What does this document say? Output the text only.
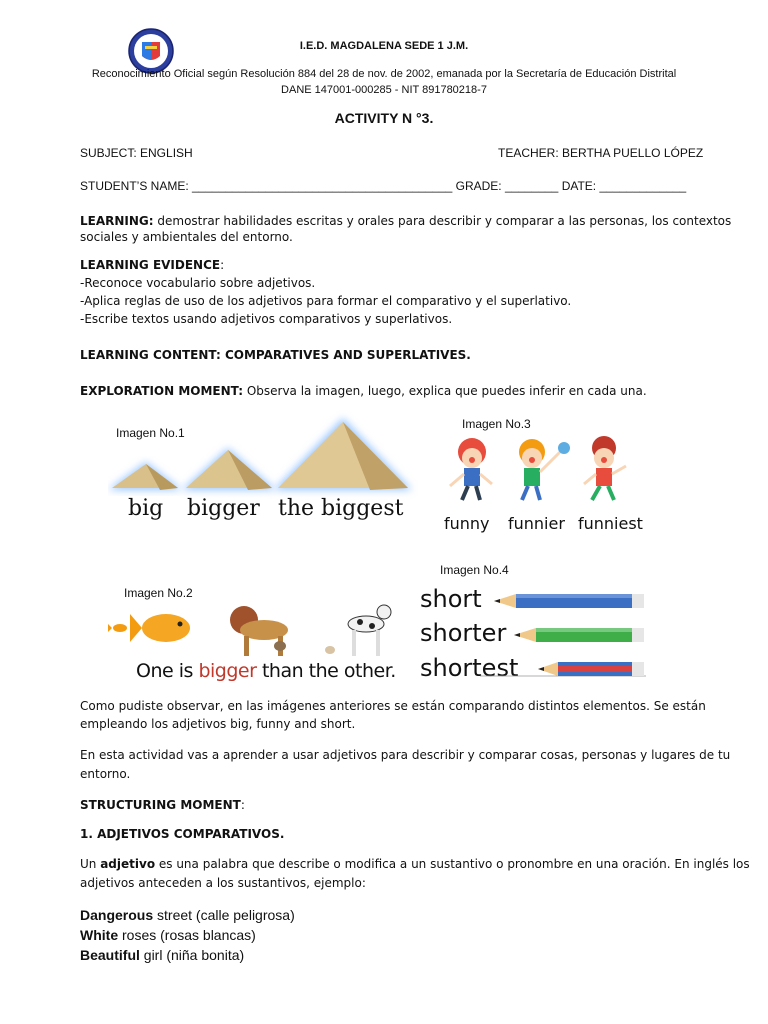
I.E.D. MAGDALENA SEDE 1 J.M.
Reconocimiento Oficial según Resolución 884 del 28 de nov. de 2002, emanada por la Secretaría de Educación Distrital
DANE 147001-000285 - NIT 891780218-7
ACTIVITY N °3.
SUBJECT: ENGLISH	TEACHER: BERTHA PUELLO LÓPEZ
STUDENT’S NAME: _______________________________________ GRADE: ________ DATE: _____________
LEARNING: demostrar habilidades escritas y orales para describir y comparar a las personas, los contextos
sociales y ambientales del entorno.
LEARNING EVIDENCE:
-Reconoce vocabulario sobre adjetivos.
-Aplica reglas de uso de los adjetivos para formar el comparativo y el superlativo.
-Escribe textos usando adjetivos comparativos y superlativos.
LEARNING CONTENT: COMPARATIVES AND SUPERLATIVES.
EXPLORATION MOMENT: Observa la imagen, luego, explica que puedes inferir en cada una.
Imagen No.1
big bigger the biggest
Imagen No.3
funny funnier funniest
Imagen No.2
One is bigger than the other.
Imagen No.4
short
shorter
shortest
Como pudiste observar, en las imágenes anteriores se están comparando distintos elementos. Se están
empleando los adjetivos big, funny and short.
En esta actividad vas a aprender a usar adjetivos para describir y comparar cosas, personas y lugares de tu
entorno.
STRUCTURING MOMENT:
1. ADJETIVOS COMPARATIVOS.
Un adjetivo es una palabra que describe o modifica a un sustantivo o pronombre en una oración. En inglés los
adjetivos anteceden a los sustantivos, ejemplo:
Dangerous street (calle peligrosa)
White roses (rosas blancas)
Beautiful girl (niña bonita)
